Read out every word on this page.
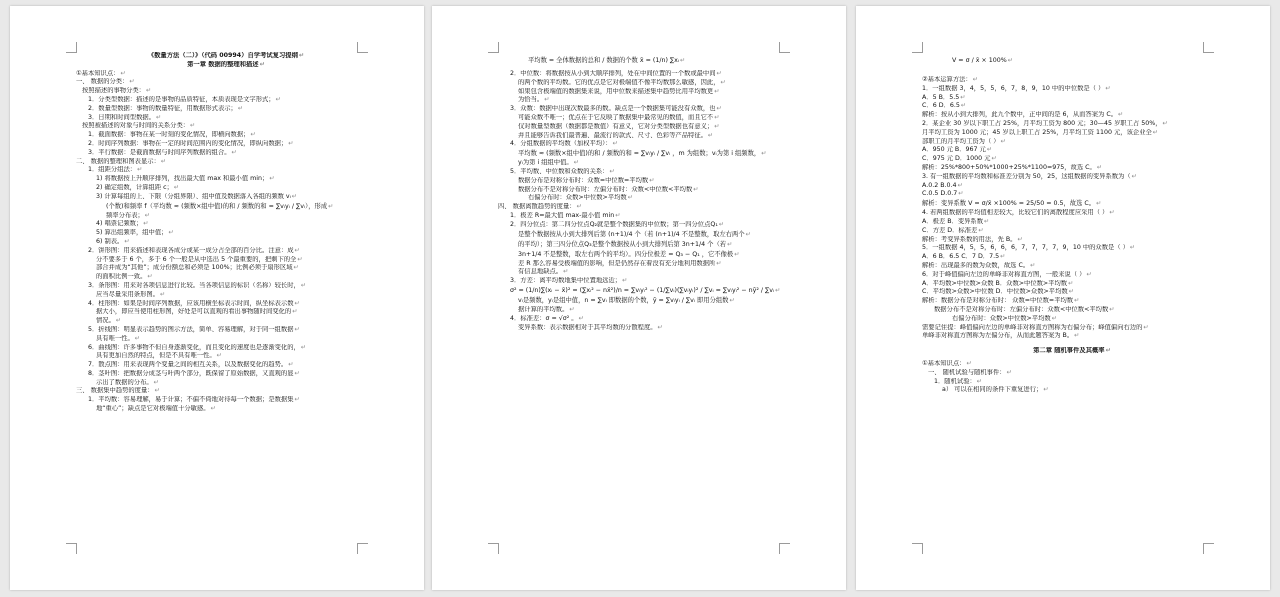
《数量方法（二）》（代码 00994）自学考试复习提纲 ↵
第一章 数据的整理和描述 ↵
①基本知识点： ↵
一、 数据的分类： ↵
按照描述的事物分类： ↵
1．分类型数据：描述的是事物的品质特征，本质表现是文字形式； ↵
2．数量型数据：事物的数量特征，用数据形式表示； ↵
3．日期和时间型数据。 ↵
按照被描述的对象与时间的关系分类： ↵
1．截面数据：事物在某一时刻的变化情况，即横向数据； ↵
2．时间序列数据：事物在一定的时间范围内的变化情况，即纵向数据； ↵
3．平行数据：是截面数据与时间序列数据的组合。 ↵
二、 数据的整理和图表显示： ↵
1．组距分组法： ↵
1) 将数据按上升顺序排列，找出最大值 max 和最小值 min； ↵
2) 确定组数，计算组距 c； ↵
3) 计算每组的上、下限（分组界限）、组中值及数据落入各组的频数 vᵢ ↵
(个数)和频率 f（平均数 ≈ (频数×组中值)的和 / 频数的和 = ∑vᵢyᵢ / ∑vᵢ），形成 ↵
频率分布表； ↵
4) 唱票记频数； ↵
5) 算出组频率，组中值； ↵
6) 制表。 ↵
2．饼形图：用来描述和表现各成分或某一成分占全部的百分比。注意：成 ↵
分不要多于 6 个，多于 6 个一般是从中选出 5 个最重要的，把剩下的全 ↵
部合并成为“其他”；成分份额总和必须是 100%；比例必须于扇形区域 ↵
的面积比例一致。 ↵
3．条形图：用来对各项信息进行比较。当各项信息的标识（名称）较长时， ↵
应当尽量采用条形图。 ↵
4．柱形图：如果是时间序列数据，应该用横坐标表示时间，纵坐标表示数 ↵
据大小，即应当使用柱形图，好处是可以直观的看出事物随时间变化的 ↵
情况。 ↵
5．折线图：明显表示趋势的图示方法，简单、容易理解，对于同一组数据 ↵
具有唯一性。 ↵
6．曲线图：许多事物不但自身逐渐变化，而且变化的速度也是逐渐变化的， ↵
具有更加自然的特点，但是不具有唯一性。 ↵
7．散点图：用来表现两个变量之间的相互关系，以及数据变化的趋势。 ↵
8．茎叶图：把数据分成茎与叶两个部分，既保留了原始数据，又直观的显 ↵
示出了数据的分布。 ↵
三、 数据集中趋势的度量： ↵
1．平均数：容易理解，易于计算；不偏不倚地对待每一个数据；是数据集 ↵
地“重心”；缺点是它对极端值十分敏感。 ↵
平均数 = 全体数据的总和 / 数据的个数 x̄ = (1/n) ∑xᵢ ↵
2．中位数：将数据按从小到大顺序排列，处在中间位置的一个数或最中间 ↵
的两个数的平均数。它的优点是它对极端值不像平均数那么敏感，因此， ↵
如果包含极端值的数据集来说，用中位数来描述集中趋势比用平均数更 ↵
为恰当。 ↵
3．众数：数据中出现次数最多的数。缺点是一个数据集可能没有众数，也 ↵
可能众数不唯一；优点在于它反映了数据集中最常见的数值，而且它不 ↵
仅对数量型数据（数据都是数值）有意义，它对分类型数据也有意义； ↵
并且能够告诉我们最普遍、最流行的款式、尺寸、色彩等产品特征。 ↵
4．分组数据的平均数（加权平均）： ↵
平均数 ≈ (频数×组中值)的和 / 频数的和 = ∑vᵢyᵢ / ∑vᵢ ，m 为组数；vᵢ为第 i 组频数， ↵
yᵢ为第 i 组组中值。 ↵
5．平均数、中位数和众数的关系： ↵
数据分布是对称分布时：众数=中位数=平均数 ↵
数据分布不是对称分布时：左偏分布时：众数<中位数<平均数 ↵
右偏分布时：众数>中位数>平均数 ↵
四、 数据离散趋势的度量： ↵
1．极差 R=最大值 max-最小值 min ↵
2．四分位点：第二四分位点Q₂就是整个数据集的中位数；第一四分位点Q₁ ↵
是整个数据按从小到大排列后第 (n+1)/4 个（若 (n+1)/4 不是整数，取左右两个 ↵
的平均）；第三四分位点Q₃是整个数据按从小到大排列后第 3n+1/4 个（若 ↵
3n+1/4 不是整数，取左右两个的平均）。四分位极差 = Q₃ − Q₁ ，它不像极 ↵
差 R 那么容易受极端值的影响，但是仍然存在着没有充分地利用数据所 ↵
有信息地缺点。 ↵
3．方差：离平均数地集中位置地远近； ↵
σ² = (1/n)∑(xᵢ − x̄)² = (∑xᵢ² − nx̄²)/n = ∑vᵢyᵢ² − (1/∑vᵢ)(∑vᵢyᵢ)² / ∑vᵢ = ∑vᵢyᵢ² − nȳ² / ∑vᵢ ↵
vᵢ是频数，yᵢ是组中值，n = ∑vᵢ 即数据的个数，ȳ = ∑vᵢyᵢ / ∑vᵢ 即用分组数 ↵
据计算的平均数。 ↵
4．标准差：σ = √σ² 。 ↵
变异系数：表示数据相对于其平均数的分散程度。 ↵
V = σ / x̄ × 100% ↵
②基本运算方法： ↵
1．一组数据 3，4，5，5，6，7，8，9，10 中的中位数是（ ） ↵
A．5 B．5.5 ↵
C．6 D．6.5 ↵
解析：按从小到大排列，此九个数中，正中间的是 6，从而答案为 C。 ↵
2．某企业 30 岁以下职工占 25%，月平均工资为 800 元；30—45 岁职工占 50%， ↵
月平均工资为 1000 元；45 岁以上职工占 25%，月平均工资 1100 元，该企业全 ↵
部职工的月平均工资为（ ） ↵
A．950 元 B．967 元 ↵
C．975 元 D．1000 元 ↵
解析：25%*800+50%*1000+25%*1100=975，故选 C。 ↵
3. 有一组数据的平均数和标准差分别为 50，25，这组数据的变异系数为（ ↵
A.0.2 B.0.4 ↵
C.0.5 D.0.7 ↵
解析：变异系数 V = σ/x̄ ×100% = 25/50 = 0.5，故选 C。 ↵
4. 若两组数据的平均值相差较大，比较它们的离散程度应采用（ ） ↵
A．极差 B．变异系数 ↵
C．方差 D．标准差 ↵
解析：考变异系数的用法，先 B。 ↵
5．一组数据 4，5，5，6，6，6，7，7，7，7，9，10 中的众数是（ ） ↵
A．6 B．6.5 C．7 D．7.5 ↵
解析：出现最多的数为众数，故选 C。 ↵
6．对于峰值偏向左边的单峰非对称直方图，一般来说（ ） ↵
A．平均数>中位数>众数 B．众数>中位数>平均数 ↵
C．平均数>众数>中位数 D．中位数>众数>平均数 ↵
解析：数据分布是对称分布时： 众数=中位数=平均数 ↵
数据分布不是对称分布时：左偏分布时：众数<中位数<平均数 ↵
右偏分布时：众数>中位数>平均数 ↵
需要记住提：峰值偏向左边的单峰非对称直方图称为右偏分布；峰值偏向右边的 ↵
单峰非对称直方图称为左偏分布，从而此题答案为 B。 ↵
第二章 随机事件及其概率 ↵
①基本知识点： ↵
一、 随机试验与随机事件： ↵
1．随机试验： ↵
a） 可以在相同的条件下重复进行； ↵
